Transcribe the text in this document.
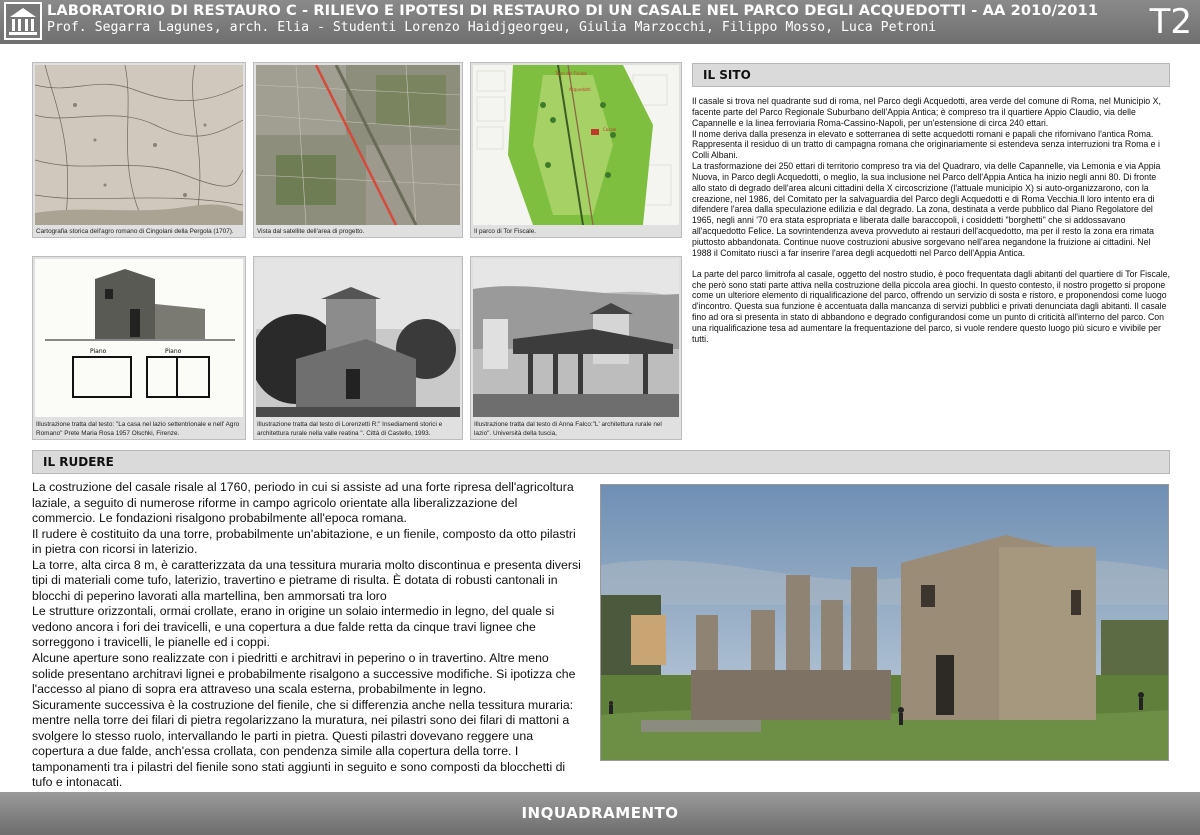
LABORATORIO DI RESTAURO C - RILIEVO E IPOTESI DI RESTAURO DI UN CASALE NEL PARCO DEGLI ACQUEDOTTI - AA 2010/2011
Prof. Segarra Lagunes, arch. Elia - Studenti Lorenzo Haidjgeorgeu, Giulia Marzocchi, Filippo Mosso, Luca Petroni	T2
Cartografia storica dell'agro romano di Cingolani della Pergola (1707).	Vista dal satellite dell'area di progetto.
Torre del Fiscale
Acquedotti
Casale
Il parco di Tor Fiscale.
Piano	Piano
Illustrazione tratta dal testo: "La casa nel lazio settentrionale e nell' Agro Romano" Prete Maria Rosa 1957 Olschki, Firenze.
Illustrazione tratta dal testo di Lorenzetti R:" Insediamenti storici e architettura rurale nella valle reatina ". Città di Castello, 1993.
Illustrazione tratta dal testo di Anna Falco:"L' architettura rurale nel lazio". Università della tuscia,
IL SITO

Il casale si trova nel quadrante sud di roma, nel Parco degli Acquedotti, area verde del comune di Roma, nel Municipio X, facente parte del Parco Regionale Suburbano dell'Appia Antica; è compreso tra il quartiere Appio Claudio, via delle Capannelle e la linea ferroviaria Roma-Cassino-Napoli, per un'estensione di circa 240 ettari.

Il nome deriva dalla presenza in elevato e sotterranea di sette acquedotti romani e papali che rifornivano l'antica Roma. Rappresenta il residuo di un tratto di campagna romana che originariamente si estendeva senza interruzioni tra Roma e i Colli Albani.

La trasformazione dei 250 ettari di territorio compreso tra via del Quadraro, via delle Capannelle, via Lemonia e via Appia Nuova, in Parco degli Acquedotti, o meglio, la sua inclusione nel Parco dell'Appia Antica ha inizio negli anni 80. Di fronte allo stato di degrado dell'area alcuni cittadini della X circoscrizione (l'attuale municipio X) si auto-organizzarono, con la creazione, nel 1986, del Comitato per la salvaguardia del Parco degli Acquedotti e di Roma Vecchia.Il loro intento era di difendere l'area dalla speculazione edilizia e dal degrado. La zona, destinata a verde pubblico dal Piano Regolatore del 1965, negli anni '70 era stata espropriata e liberata dalle baraccopoli, i cosiddetti "borghetti" che si addossavano all'acquedotto Felice. La sovrintendenza aveva provveduto ai restauri dell'acquedotto, ma per il resto la zona era rimata piuttosto abbandonata. Continue nuove costruzioni abusive sorgevano nell'area negandone la fruizione ai cittadini. Nel 1988 il Comitato riuscì a far inserire l'area degli acquedotti nel Parco dell'Appia Antica.

La parte del parco limitrofa al casale, oggetto del nostro studio, è poco frequentata dagli abitanti del quartiere di Tor Fiscale, che però sono stati parte attiva nella costruzione della piccola area giochi. In questo contesto, il nostro progetto si propone come un ulteriore elemento di riqualificazione del parco, offrendo un servizio di sosta e ristoro, e proponendosi come luogo d'incontro. Questa sua funzione è accentuata dalla mancanza di servizi pubblici e privati denunciata dagli abitanti. Il casale fino ad ora si presenta in stato di abbandono e degrado configurandosi come un punto di criticità all'interno del parco. Con una riqualificazione tesa ad aumentare la frequentazione del parco, si vuole rendere questo luogo più sicuro e vivibile per tutti.

IL RUDERE

La costruzione del casale risale al 1760, periodo in cui si assiste ad una forte ripresa dell'agricoltura laziale, a seguito di numerose riforme in campo agricolo orientate alla liberalizzazione del commercio. Le fondazioni risalgono probabilmente all'epoca romana.

Il rudere è costituito da una torre, probabilmente un'abitazione, e un fienile, composto da otto pilastri in pietra con ricorsi in laterizio.

La torre, alta circa 8 m, è caratterizzata da una tessitura muraria molto discontinua e presenta diversi tipi di materiali come tufo, laterizio, travertino e pietrame di risulta. È dotata di robusti cantonali in blocchi di peperino lavorati alla martellina, ben ammorsati tra loro

Le strutture orizzontali, ormai crollate, erano in origine un solaio intermedio in legno, del quale si vedono ancora i fori dei travicelli, e una copertura a due falde retta da cinque travi lignee che sorreggono i travicelli, le pianelle ed i coppi.

Alcune aperture sono realizzate con i piedritti e architravi in peperino o in travertino. Altre meno solide presentano architravi lignei e probabilmente risalgono a successive modifiche. Si ipotizza che l'accesso al piano di sopra era attraveso una scala esterna, probabilmente in legno.

Sicuramente successiva è la costruzione del fienile, che si differenzia anche nella tessitura muraria: mentre nella torre dei filari di pietra regolarizzano la muratura, nei pilastri sono dei filari di mattoni a svolgere lo stesso ruolo, intervallando le parti in pietra. Questi pilastri dovevano reggere una copertura a due falde, anch'essa crollata, con pendenza simile alla copertura della torre. I tamponamenti tra i pilastri del fienile sono stati aggiunti in seguito e sono composti da blocchetti di tufo e intonacati.

INQUADRAMENTO
